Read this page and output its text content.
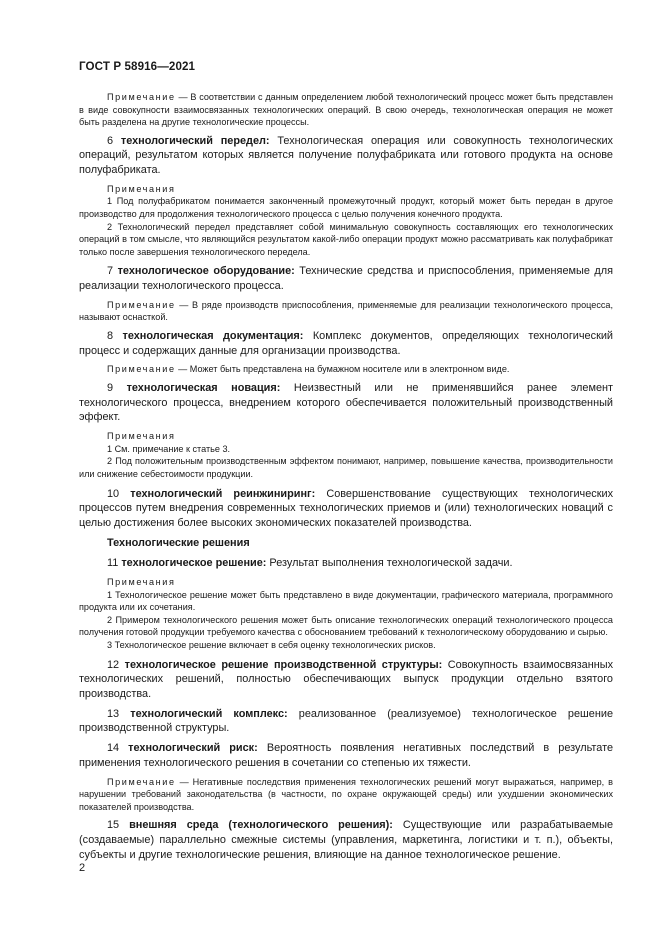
ГОСТ Р 58916—2021

Примечание — В соответствии с данным определением любой технологический процесс может быть представлен в виде совокупности взаимосвязанных технологических операций. В свою очередь, технологическая операция не может быть разделена на другие технологические процессы.

6 технологический передел: Технологическая операция или совокупность технологических операций, результатом которых является получение полуфабриката или готового продукта на основе полуфабриката.

Примечания

1 Под полуфабрикатом понимается законченный промежуточный продукт, который может быть передан в другое производство для продолжения технологического процесса с целью получения конечного продукта.

2 Технологический передел представляет собой минимальную совокупность составляющих его технологических операций в том смысле, что являющийся результатом какой-либо операции продукт можно рассматривать как полуфабрикат только после завершения технологического передела.

7 технологическое оборудование: Технические средства и приспособления, применяемые для реализации технологического процесса.

Примечание — В ряде производств приспособления, применяемые для реализации технологического процесса, называют оснасткой.

8 технологическая документация: Комплекс документов, определяющих технологический процесс и содержащих данные для организации производства.

Примечание — Может быть представлена на бумажном носителе или в электронном виде.

9 технологическая новация: Неизвестный или не применявшийся ранее элемент технологического процесса, внедрением которого обеспечивается положительный производственный эффект.

Примечания

1 См. примечание к статье 3.

2 Под положительным производственным эффектом понимают, например, повышение качества, производительности или снижение себестоимости продукции.

10 технологический реинжиниринг: Совершенствование существующих технологических процессов путем внедрения современных технологических приемов и (или) технологических новаций с целью достижения более высоких экономических показателей производства.

Технологические решения

11 технологическое решение: Результат выполнения технологической задачи.

Примечания

1 Технологическое решение может быть представлено в виде документации, графического материала, программного продукта или их сочетания.

2 Примером технологического решения может быть описание технологических операций технологического процесса получения готовой продукции требуемого качества с обоснованием требований к технологическому оборудованию и сырью.

3 Технологическое решение включает в себя оценку технологических рисков.

12 технологическое решение производственной структуры: Совокупность взаимосвязанных технологических решений, полностью обеспечивающих выпуск продукции отдельно взятого производства.

13 технологический комплекс: реализованное (реализуемое) технологическое решение производственной структуры.

14 технологический риск: Вероятность появления негативных последствий в результате применения технологического решения в сочетании со степенью их тяжести.

Примечание — Негативные последствия применения технологических решений могут выражаться, например, в нарушении требований законодательства (в частности, по охране окружающей среды) или ухудшении экономических показателей производства.

15 внешняя среда (технологического решения): Существующие или разрабатываемые (создаваемые) параллельно смежные системы (управления, маркетинга, логистики и т. п.), объекты, субъекты и другие технологические решения, влияющие на данное технологическое решение.

2
